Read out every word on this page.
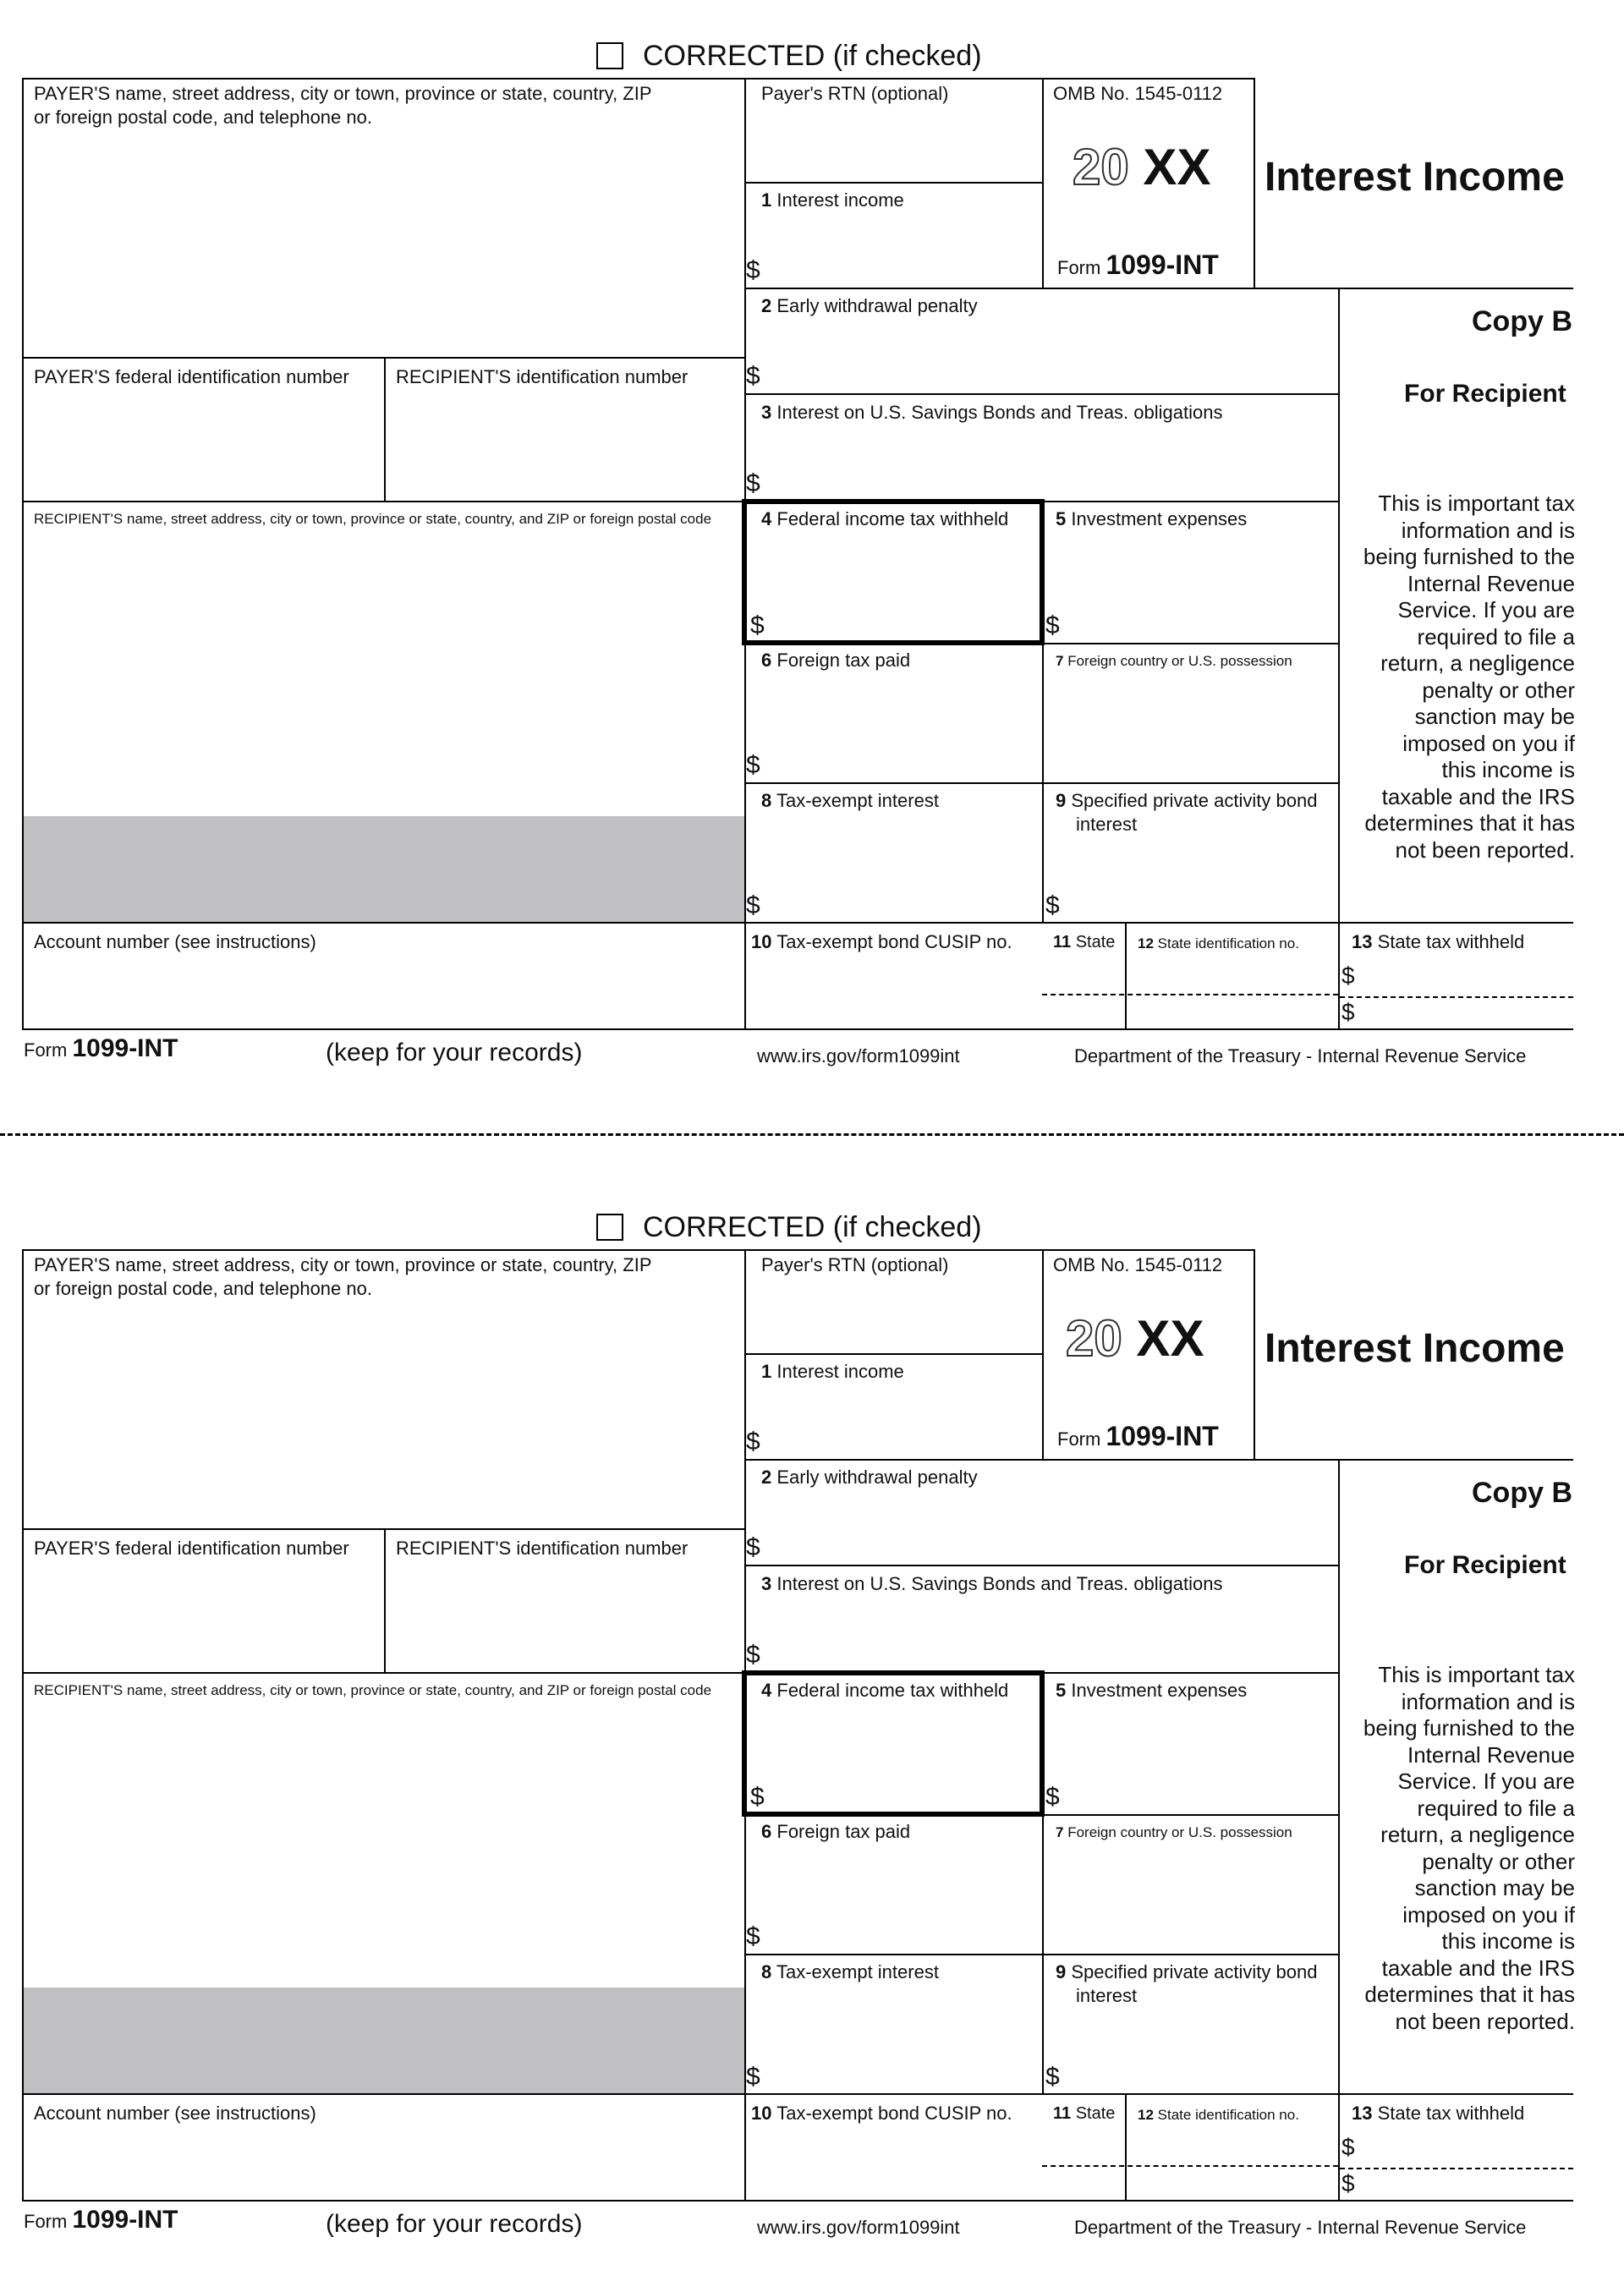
CORRECTED (if checked)
PAYER'S name, street address, city or town, province or state, country, ZIP
or foreign postal code, and telephone no.
Payer's RTN (optional)	OMB No. 1545-0112
20 XX
Form 1099-INT
Interest Income
1 Interest income
$
2 Early withdrawal penalty
$
Copy B
For Recipient
PAYER'S federal identification number	RECIPIENT'S identification number
3 Interest on U.S. Savings Bonds and Treas. obligations
$
RECIPIENT'S name, street address, city or town, province or state, country, and ZIP or foreign postal code	4 Federal income tax withheld
$
5 Investment expenses
$
This is important tax
information and is
being furnished to the
Internal Revenue
Service. If you are
required to file a
return, a negligence
penalty or other
sanction may be
imposed on you if
this income is
taxable and the IRS
determines that it has
not been reported.
6 Foreign tax paid
$
7 Foreign country or U.S. possession
8 Tax-exempt interest
$
9 Specified private activity bond
interest
$
Account number (see instructions)	10 Tax-exempt bond CUSIP no. 11 State 12 State identification no.	13 State tax withheld
$
$
Form 1099-INT	(keep for your records)	www.irs.gov/form1099int	Department of the Treasury - Internal Revenue Service
CORRECTED (if checked)
PAYER'S name, street address, city or town, province or state, country, ZIP
or foreign postal code, and telephone no.
Payer's RTN (optional)	OMB No. 1545-0112
20 XX
Form 1099-INT
Interest Income
1 Interest income
$
2 Early withdrawal penalty
$
Copy B
For Recipient
PAYER'S federal identification number	RECIPIENT'S identification number
3 Interest on U.S. Savings Bonds and Treas. obligations
$
RECIPIENT'S name, street address, city or town, province or state, country, and ZIP or foreign postal code	4 Federal income tax withheld
$
5 Investment expenses
$
This is important tax
information and is
being furnished to the
Internal Revenue
Service. If you are
required to file a
return, a negligence
penalty or other
sanction may be
imposed on you if
this income is
taxable and the IRS
determines that it has
not been reported.
6 Foreign tax paid
$
7 Foreign country or U.S. possession
8 Tax-exempt interest
$
9 Specified private activity bond
interest
$
Account number (see instructions)	10 Tax-exempt bond CUSIP no. 11 State 12 State identification no.	13 State tax withheld
$
$
Form 1099-INT	(keep for your records)	www.irs.gov/form1099int	Department of the Treasury - Internal Revenue Service
